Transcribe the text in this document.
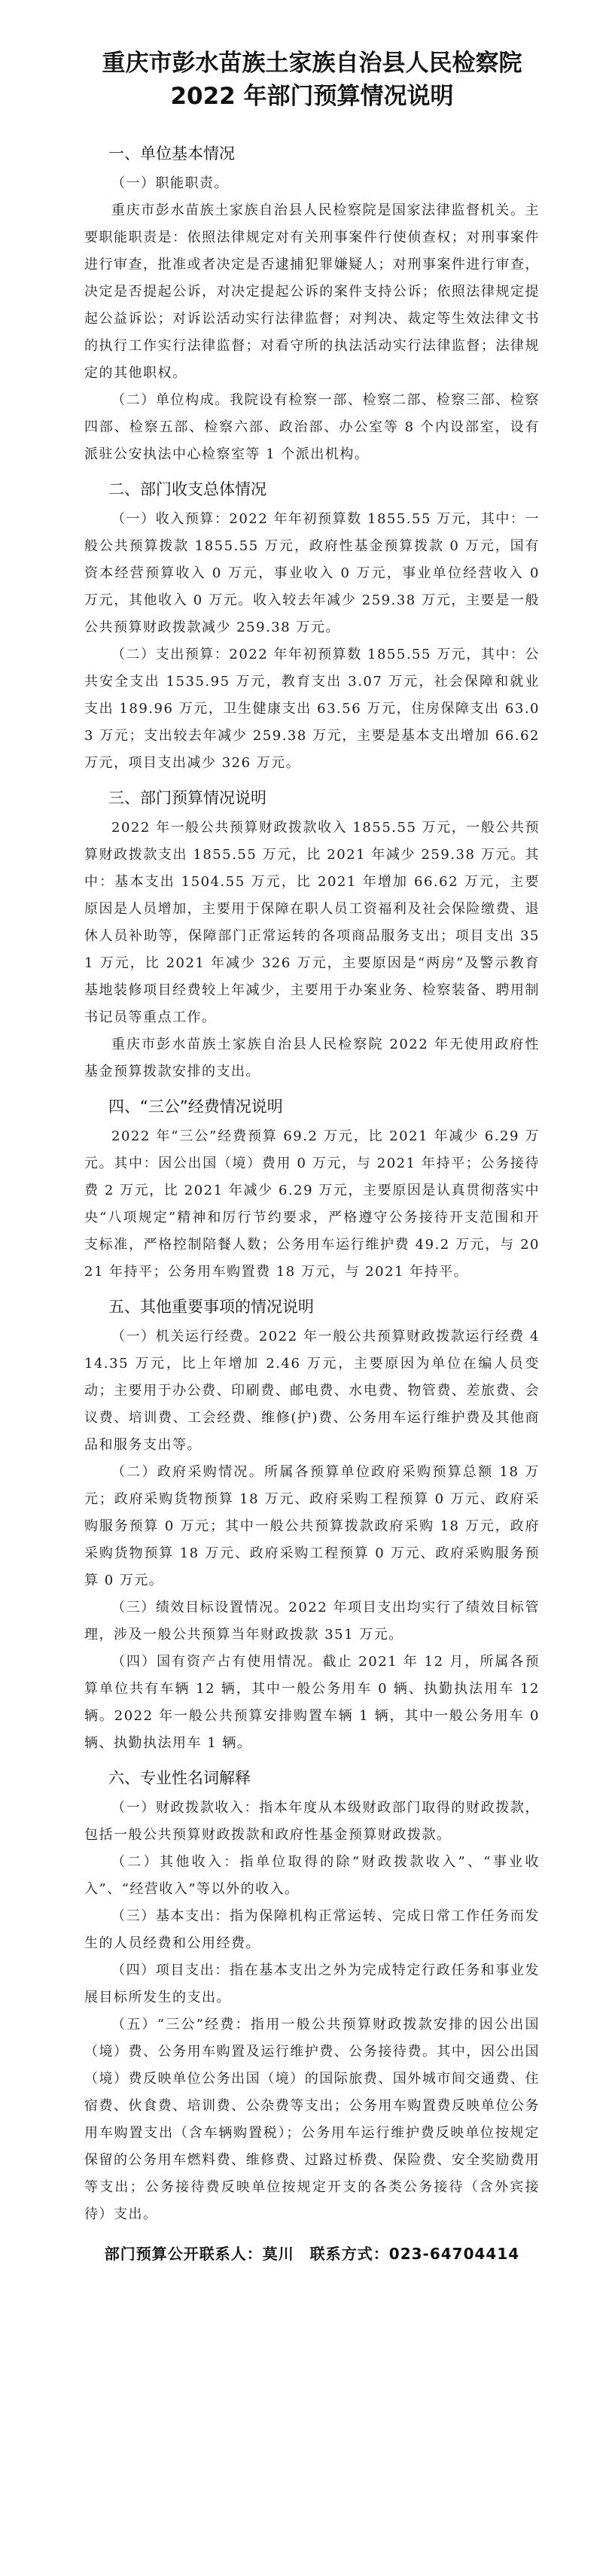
重庆市彭水苗族土家族自治县人民检察院
2022 年部门预算情况说明
一、单位基本情况

（一）职能职责。

重庆市彭水苗族土家族自治县人民检察院是国家法律监督机关。主要职能职责是：依照法律规定对有关刑事案件行使侦查权；对刑事案件进行审查，批准或者决定是否逮捕犯罪嫌疑人；对刑事案件进行审查，决定是否提起公诉，对决定提起公诉的案件支持公诉；依照法律规定提起公益诉讼；对诉讼活动实行法律监督；对判决、裁定等生效法律文书的执行工作实行法律监督；对看守所的执法活动实行法律监督；法律规定的其他职权。

（二）单位构成。我院设有检察一部、检察二部、检察三部、检察四部、检察五部、检察六部、政治部、办公室等 8 个内设部室，设有派驻公安执法中心检察室等 1 个派出机构。

二、部门收支总体情况

（一）收入预算：2022 年年初预算数 1855.55 万元，其中：一般公共预算拨款 1855.55 万元，政府性基金预算拨款 0 万元，国有资本经营预算收入 0 万元，事业收入 0 万元，事业单位经营收入 0 万元，其他收入 0 万元。收入较去年减少 259.38 万元，主要是一般公共预算财政拨款减少 259.38 万元。

（二）支出预算：2022 年年初预算数 1855.55 万元，其中：公共安全支出 1535.95 万元，教育支出 3.07 万元，社会保障和就业支出 189.96 万元，卫生健康支出 63.56 万元，住房保障支出 63.03 万元；支出较去年减少 259.38 万元，主要是基本支出增加 66.62 万元，项目支出减少 326 万元。

三、部门预算情况说明

2022 年一般公共预算财政拨款收入 1855.55 万元，一般公共预算财政拨款支出 1855.55 万元，比 2021 年减少 259.38 万元。其中：基本支出 1504.55 万元，比 2021 年增加 66.62 万元，主要原因是人员增加，主要用于保障在职人员工资福利及社会保险缴费、退休人员补助等，保障部门正常运转的各项商品服务支出；项目支出 351 万元，比 2021 年减少 326 万元，主要原因是“两房”及警示教育基地装修项目经费较上年减少，主要用于办案业务、检察装备、聘用制书记员等重点工作。

重庆市彭水苗族土家族自治县人民检察院 2022 年无使用政府性基金预算拨款安排的支出。

四、“三公”经费情况说明

2022 年“三公”经费预算 69.2 万元，比 2021 年减少 6.29 万元。其中：因公出国（境）费用 0 万元，与 2021 年持平；公务接待费 2 万元，比 2021 年减少 6.29 万元，主要原因是认真贯彻落实中央“八项规定”精神和厉行节约要求，严格遵守公务接待开支范围和开支标准，严格控制陪餐人数；公务用车运行维护费 49.2 万元，与 2021 年持平；公务用车购置费 18 万元，与 2021 年持平。

五、其他重要事项的情况说明

（一）机关运行经费。2022 年一般公共预算财政拨款运行经费 414.35 万元，比上年增加 2.46 万元，主要原因为单位在编人员变动；主要用于办公费、印刷费、邮电费、水电费、物管费、差旅费、会议费、培训费、工会经费、维修(护)费、公务用车运行维护费及其他商品和服务支出等。

（二）政府采购情况。所属各预算单位政府采购预算总额 18 万元；政府采购货物预算 18 万元、政府采购工程预算 0 万元、政府采购服务预算 0 万元；其中一般公共预算拨款政府采购 18 万元，政府采购货物预算 18 万元、政府采购工程预算 0 万元、政府采购服务预算 0 万元。

（三）绩效目标设置情况。2022 年项目支出均实行了绩效目标管理，涉及一般公共预算当年财政拨款 351 万元。

（四）国有资产占有使用情况。截止 2021 年 12 月，所属各预算单位共有车辆 12 辆，其中一般公务用车 0 辆、执勤执法用车 12 辆。2022 年一般公共预算安排购置车辆 1 辆，其中一般公务用车 0 辆、执勤执法用车 1 辆。

六、专业性名词解释

（一）财政拨款收入：指本年度从本级财政部门取得的财政拨款，包括一般公共预算财政拨款和政府性基金预算财政拨款。

（二）其他收入：指单位取得的除“财政拨款收入”、“事业收入”、“经营收入”等以外的收入。

（三）基本支出：指为保障机构正常运转、完成日常工作任务而发生的人员经费和公用经费。

（四）项目支出：指在基本支出之外为完成特定行政任务和事业发展目标所发生的支出。

（五）“三公”经费：指用一般公共预算财政拨款安排的因公出国（境）费、公务用车购置及运行维护费、公务接待费。其中，因公出国（境）费反映单位公务出国（境）的国际旅费、国外城市间交通费、住宿费、伙食费、培训费、公杂费等支出；公务用车购置费反映单位公务用车购置支出（含车辆购置税）；公务用车运行维护费反映单位按规定保留的公务用车燃料费、维修费、过路过桥费、保险费、安全奖励费用等支出；公务接待费反映单位按规定开支的各类公务接待（含外宾接待）支出。

部门预算公开联系人：莫川　联系方式：023-64704414
